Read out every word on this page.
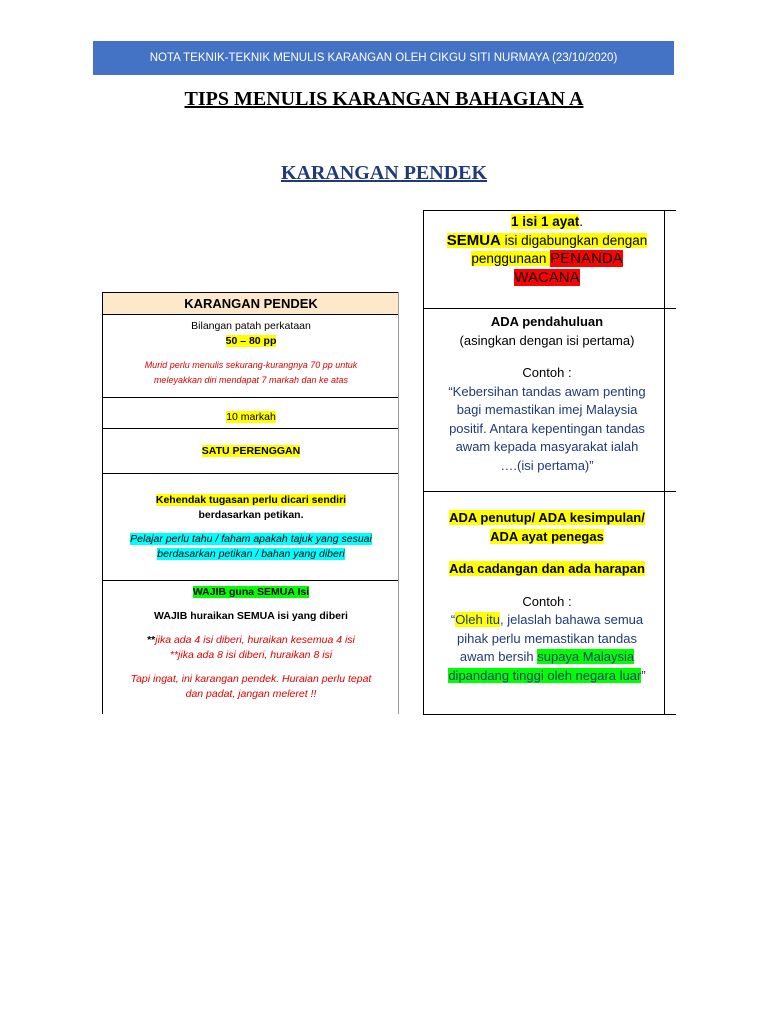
NOTA TEKNIK-TEKNIK MENULIS KARANGAN OLEH CIKGU SITI NURMAYA (23/10/2020)
TIPS MENULIS KARANGAN BAHAGIAN A
KARANGAN PENDEK
KARANGAN PENDEK

Bilangan patah perkataan

50 – 80 pp

Murid perlu menulis sekurang-kurangnya 70 pp untuk

meleyakkan diri mendapat 7 markah dan ke atas

10 markah

SATU PERENGGAN

Kehendak tugasan perlu dicari sendiri

berdasarkan petikan.

Pelajar perlu tahu / faham apakah tajuk yang sesuai

berdasarkan petikan / bahan yang diberi

WAJIB guna SEMUA Isi

WAJIB huraikan SEMUA isi yang diberi

**jika ada 4 isi diberi, huraikan kesemua 4 isi

**jika ada 8 isi diberi, huraikan 8 isi

Tapi ingat, ini karangan pendek. Huraian perlu tepat

dan padat, jangan meleret !!

1 isi 1 ayat.

SEMUA isi digabungkan dengan

penggunaan PENANDA

WACANA

ADA pendahuluan

(asingkan dengan isi pertama)

Contoh :

“Kebersihan tandas awam penting

bagi memastikan imej Malaysia

positif. Antara kepentingan tandas

awam kepada masyarakat ialah

….(isi pertama)”

ADA penutup/ ADA kesimpulan/

ADA ayat penegas

Ada cadangan dan ada harapan

Contoh :

“Oleh itu, jelaslah bahawa semua

pihak perlu memastikan tandas

awam bersih supaya Malaysia

dipandang tinggi oleh negara luar”
